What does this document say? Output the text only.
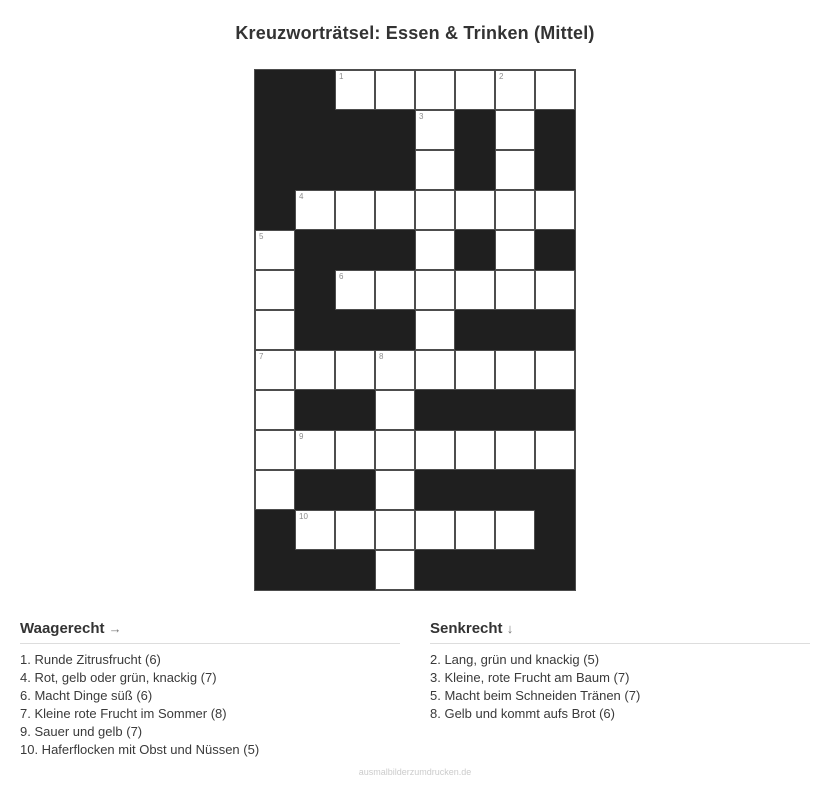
Kreuzworträtsel: Essen & Trinken (Mittel)
1	2
3
4
5
6
7	8
9
10
Waagerecht →
1. Runde Zitrusfrucht (6)
4. Rot, gelb oder grün, knackig (7)
6. Macht Dinge süß (6)
7. Kleine rote Frucht im Sommer (8)
9. Sauer und gelb (7)
10. Haferflocken mit Obst und Nüssen (5)
Senkrecht ↓
2. Lang, grün und knackig (5)
3. Kleine, rote Frucht am Baum (7)
5. Macht beim Schneiden Tränen (7)
8. Gelb und kommt aufs Brot (6)
ausmalbilderzumdrucken.de
